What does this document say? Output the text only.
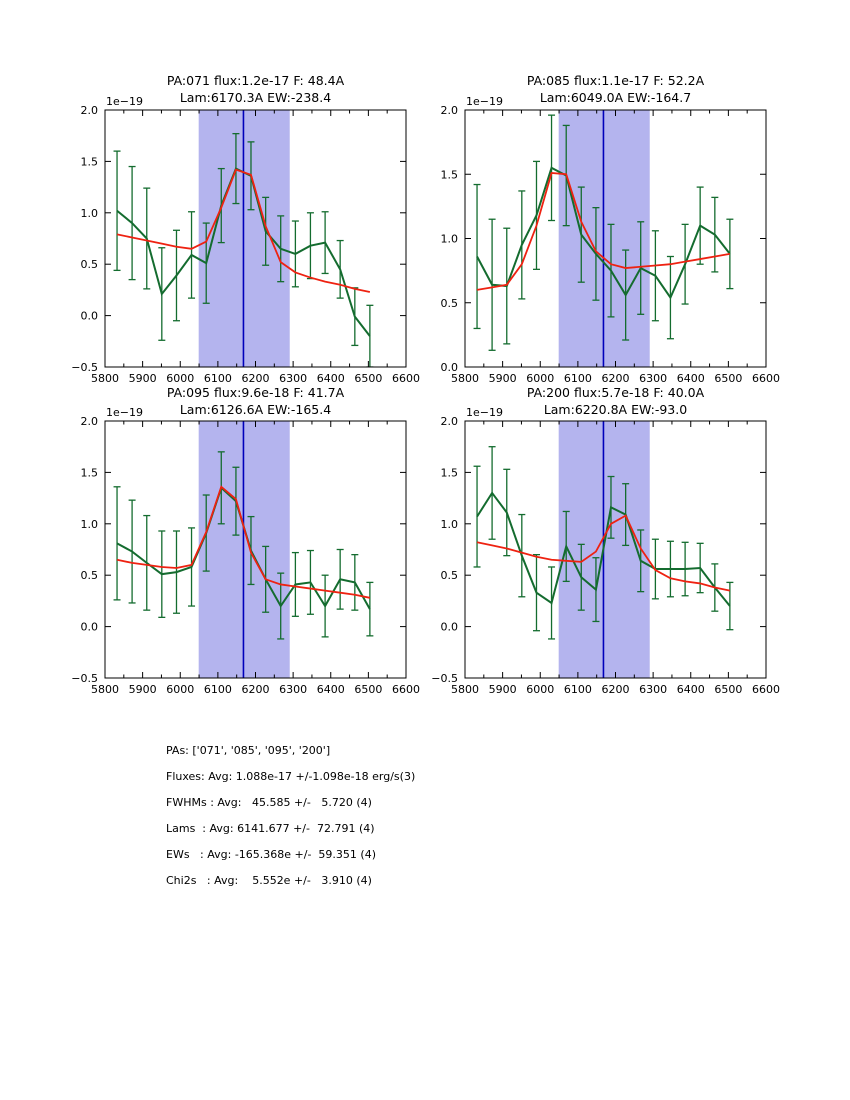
PA:071 flux:1.2e-17 F: 48.4A
Lam:6170.3A EW:-238.4
PA:085 flux:1.1e-17 F: 52.2A
Lam:6049.0A EW:-164.7
PA:095 flux:9.6e-18 F: 41.7A
Lam:6126.6A EW:-165.4
PA:200 flux:5.7e-18 F: 40.0A
Lam:6220.8A EW:-93.0
5800 5900 6000 6100 6200 6300 6400 6500 6600
2.0
1.5
1.0
0.5
0.0
−0.5
1e−19
5800 5900 6000 6100 6200 6300 6400 6500 6600
2.0
1.5
1.0
0.5
0.0
1e−19
5800 5900 6000 6100 6200 6300 6400 6500 6600
2.0
1.5
1.0
0.5
0.0
−0.5
1e−19
5800 5900 6000 6100 6200 6300 6400 6500 6600
2.0
1.5
1.0
0.5
0.0
−0.5
1e−19
PAs: ['071', '085', '095', '200']
Fluxes: Avg: 1.088e-17 +/-1.098e-18 erg/s(3)
FWHMs : Avg:   45.585 +/-   5.720 (4)
Lams  : Avg: 6141.677 +/-  72.791 (4)
EWs   : Avg: -165.368e +/-  59.351 (4)
Chi2s   : Avg:    5.552e +/-   3.910 (4)
